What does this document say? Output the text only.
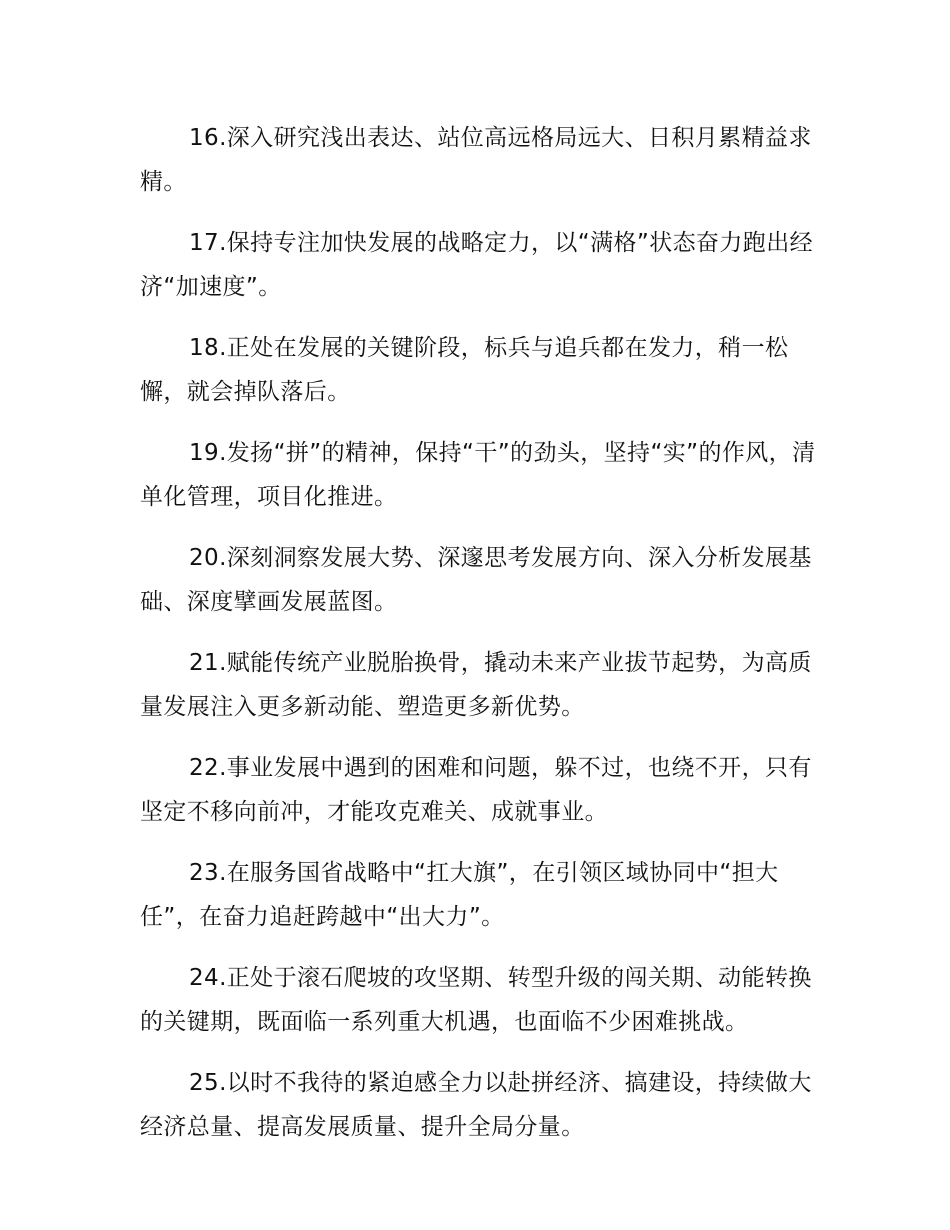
16.深入研究浅出表达、站位高远格局远大、日积月累精益求精。

17.保持专注加快发展的战略定力，以“满格”状态奋力跑出经济“加速度”。

18.正处在发展的关键阶段，标兵与追兵都在发力，稍一松懈，就会掉队落后。

19.发扬“拼”的精神，保持“干”的劲头，坚持“实”的作风，清单化管理，项目化推进。

20.深刻洞察发展大势、深邃思考发展方向、深入分析发展基础、深度擘画发展蓝图。

21.赋能传统产业脱胎换骨，撬动未来产业拔节起势，为高质量发展注入更多新动能、塑造更多新优势。

22.事业发展中遇到的困难和问题，躲不过，也绕不开，只有坚定不移向前冲，才能攻克难关、成就事业。

23.在服务国省战略中“扛大旗”，在引领区域协同中“担大任”，在奋力追赶跨越中“出大力”。

24.正处于滚石爬坡的攻坚期、转型升级的闯关期、动能转换的关键期，既面临一系列重大机遇，也面临不少困难挑战。

25.以时不我待的紧迫感全力以赴拼经济、搞建设，持续做大经济总量、提高发展质量、提升全局分量。
